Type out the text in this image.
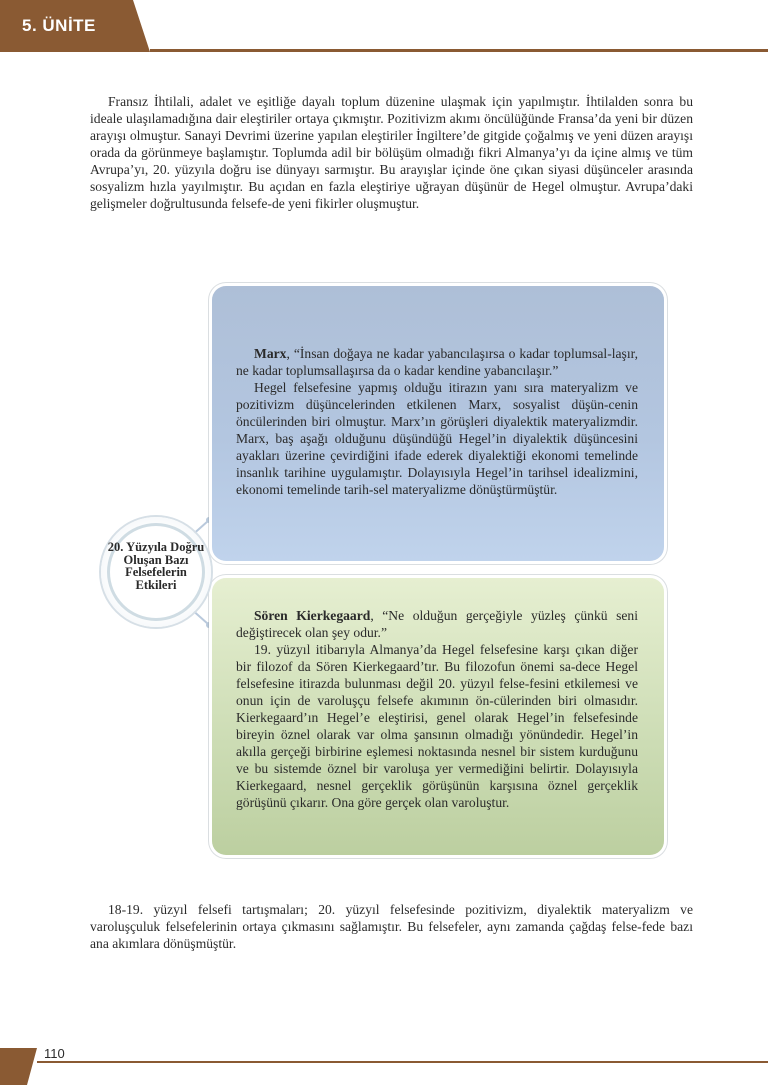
5. ÜNİTE

Fransız İhtilali, adalet ve eşitliğe dayalı toplum düzenine ulaşmak için yapılmıştır. İhtilalden sonra bu ideale ulaşılamadığına dair eleştiriler ortaya çıkmıştır. Pozitivizm akımı öncülüğünde Fransa’da yeni bir düzen arayışı olmuştur. Sanayi Devrimi üzerine yapılan eleştiriler İngiltere’de gitgide çoğalmış ve yeni düzen arayışı orada da görünmeye başlamıştır. Toplumda adil bir bölüşüm olmadığı fikri Almanya’yı da içine almış ve tüm Avrupa’yı, 20. yüzyıla doğru ise dünyayı sarmıştır. Bu arayışlar içinde öne çıkan siyasi düşünceler arasında sosyalizm hızla yayılmıştır. Bu açıdan en fazla eleştiriye uğrayan düşünür de Hegel olmuştur. Avrupa’daki gelişmeler doğrultusunda felsefe-de yeni fikirler oluşmuştur.

Marx, “İnsan doğaya ne kadar yabancılaşırsa o kadar toplumsal-laşır, ne kadar toplumsallaşırsa da o kadar kendine yabancılaşır.”
Hegel felsefesine yapmış olduğu itirazın yanı sıra materyalizm ve pozitivizm düşüncelerinden etkilenen Marx, sosyalist düşün-cenin öncülerinden biri olmuştur. Marx’ın görüşleri diyalektik materyalizmdir. Marx, baş aşağı olduğunu düşündüğü Hegel’in diyalektik düşüncesini ayakları üzerine çevirdiğini ifade ederek diyalektiği ekonomi temelinde insanlık tarihine uygulamıştır. Dolayısıyla Hegel’in tarihsel idealizmini, ekonomi temelinde tarih-sel materyalizme dönüştürmüştür.
Sören Kierkegaard, “Ne olduğun gerçeğiyle yüzleş çünkü seni değiştirecek olan şey odur.”
19. yüzyıl itibarıyla Almanya’da Hegel felsefesine karşı çıkan diğer bir filozof da Sören Kierkegaard’tır. Bu filozofun önemi sa-dece Hegel felsefesine itirazda bulunması değil 20. yüzyıl felse-fesini etkilemesi ve onun için de varoluşçu felsefe akımının ön-cülerinden biri olmasıdır. Kierkegaard’ın Hegel’e eleştirisi, genel olarak Hegel’in felsefesinde bireyin öznel olarak var olma şansının olmadığı yönündedir. Hegel’in akılla gerçeği birbirine eşlemesi noktasında nesnel bir sistem kurduğunu ve bu sistemde öznel bir varoluşa yer vermediğini belirtir. Dolayısıyla Kierkegaard, nesnel gerçeklik görüşünün karşısına öznel gerçeklik görüşünü çıkarır. Ona göre gerçek olan varoluştur.
20. Yüzyıla Doğru Oluşan Bazı Felsefelerin Etkileri

18-19. yüzyıl felsefi tartışmaları; 20. yüzyıl felsefesinde pozitivizm, diyalektik materyalizm ve varoluşçuluk felsefelerinin ortaya çıkmasını sağlamıştır. Bu felsefeler, aynı zamanda çağdaş felse-fede bazı ana akımlara dönüşmüştür.

110
